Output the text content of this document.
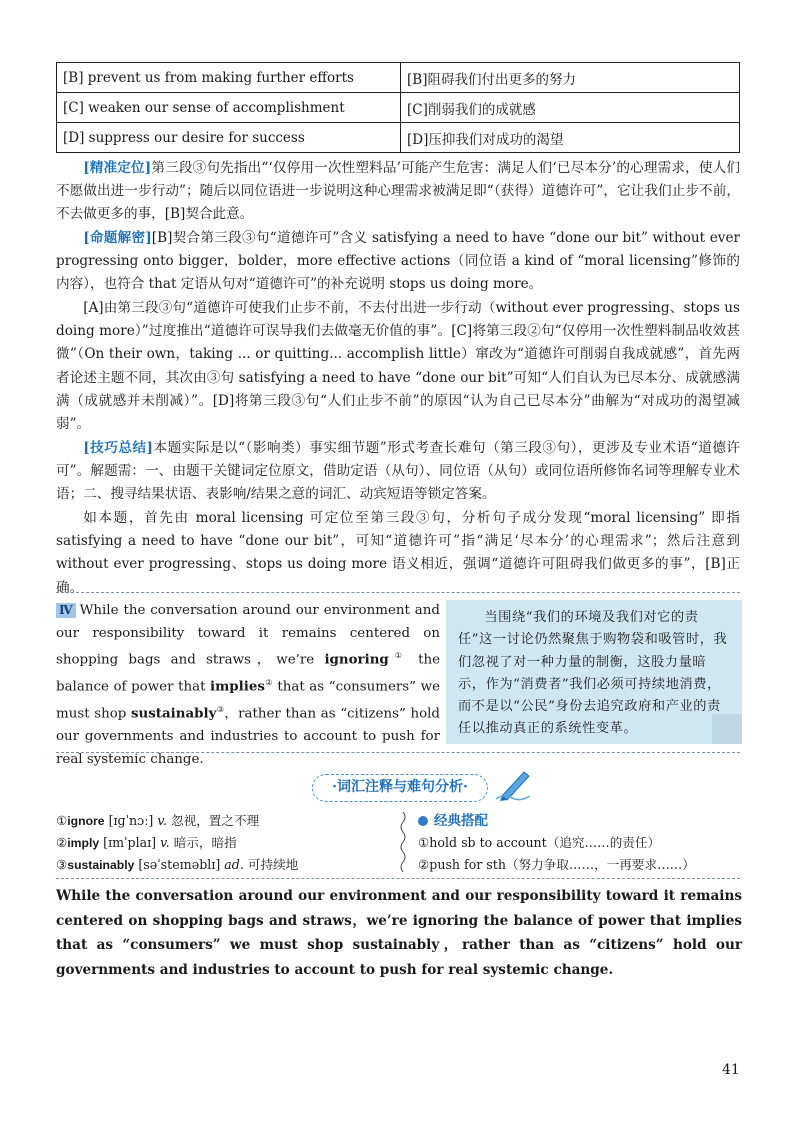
[B] prevent us from making further efforts	[B]阻碍我们付出更多的努力
[C] weaken our sense of accomplishment	[C]削弱我们的成就感
[D] suppress our desire for success	[D]压抑我们对成功的渴望

[精准定位]第三段③句先指出“‘仅停用一次性塑料品’可能产生危害：满足人们‘已尽本分’的心理需求，使人们不愿做出进一步行动”；随后以同位语进一步说明这种心理需求被满足即“（获得）道德许可”，它让我们止步不前，不去做更多的事，[B]契合此意。

[命题解密][B]契合第三段③句“道德许可”含义 satisfying a need to have “done our bit” without ever progressing onto bigger，bolder，more effective actions（同位语 a kind of “moral licensing”修饰的内容），也符合 that 定语从句对“道德许可”的补充说明 stops us doing more。

[A]由第三段③句“道德许可使我们止步不前，不去付出进一步行动（without ever progressing、stops us doing more）”过度推出“道德许可误导我们去做毫无价值的事”。[C]将第三段②句“仅停用一次性塑料制品收效甚微”（On their own，taking ... or quitting... accomplish little）窜改为“道德许可削弱自我成就感”，首先两者论述主题不同，其次由③句 satisfying a need to have “done our bit”可知“人们自认为已尽本分、成就感满满（成就感并未削减）”。[D]将第三段③句“人们止步不前”的原因“认为自己已尽本分”曲解为“对成功的渴望减弱”。

[技巧总结]本题实际是以“（影响类）事实细节题”形式考查长难句（第三段③句），更涉及专业术语“道德许可”。解题需：一、由题干关键词定位原文，借助定语（从句）、同位语（从句）或同位语所修饰名词等理解专业术语；二、搜寻结果状语、表影响/结果之意的词汇、动宾短语等锁定答案。

如本题，首先由 moral licensing 可定位至第三段③句，分析句子成分发现“moral licensing” 即指 satisfying a need to have “done our bit”，可知“道德许可”指“满足‘尽本分’的心理需求”；然后注意到 without ever progressing、stops us doing more 语义相近，强调“道德许可阻碍我们做更多的事”，[B]正确。

Ⅳ While the conversation around our environment and our responsibility toward it remains centered on shopping bags and straws，we’re ignoring① the balance of power that implies② that as “consumers” we must shop sustainably③，rather than as “citizens” hold our governments and industries to account to push for real systemic change.

当围绕“我们的环境及我们对它的责任”这一讨论仍然聚焦于购物袋和吸管时，我们忽视了对一种力量的制衡，这股力量暗示，作为“消费者”我们必须可持续地消费，而不是以“公民”身份去追究政府和产业的责任以推动真正的系统性变革。

·词汇注释与难句分析·
①ignore [ɪɡˈnɔː] v. 忽视，置之不理
②imply [ɪmˈplaɪ] v. 暗示，暗指
③sustainably [səˈsteɪnəblɪ] ad. 可持续地
经典搭配
①hold sb to account（追究……的责任）
②push for sth（努力争取……，一再要求……）

While the conversation around our environment and our responsibility toward it remains centered on shopping bags and straws，we’re ignoring the balance of power that implies that as “consumers” we must shop sustainably，rather than as “citizens” hold our governments and industries to account to push for real systemic change.

41
